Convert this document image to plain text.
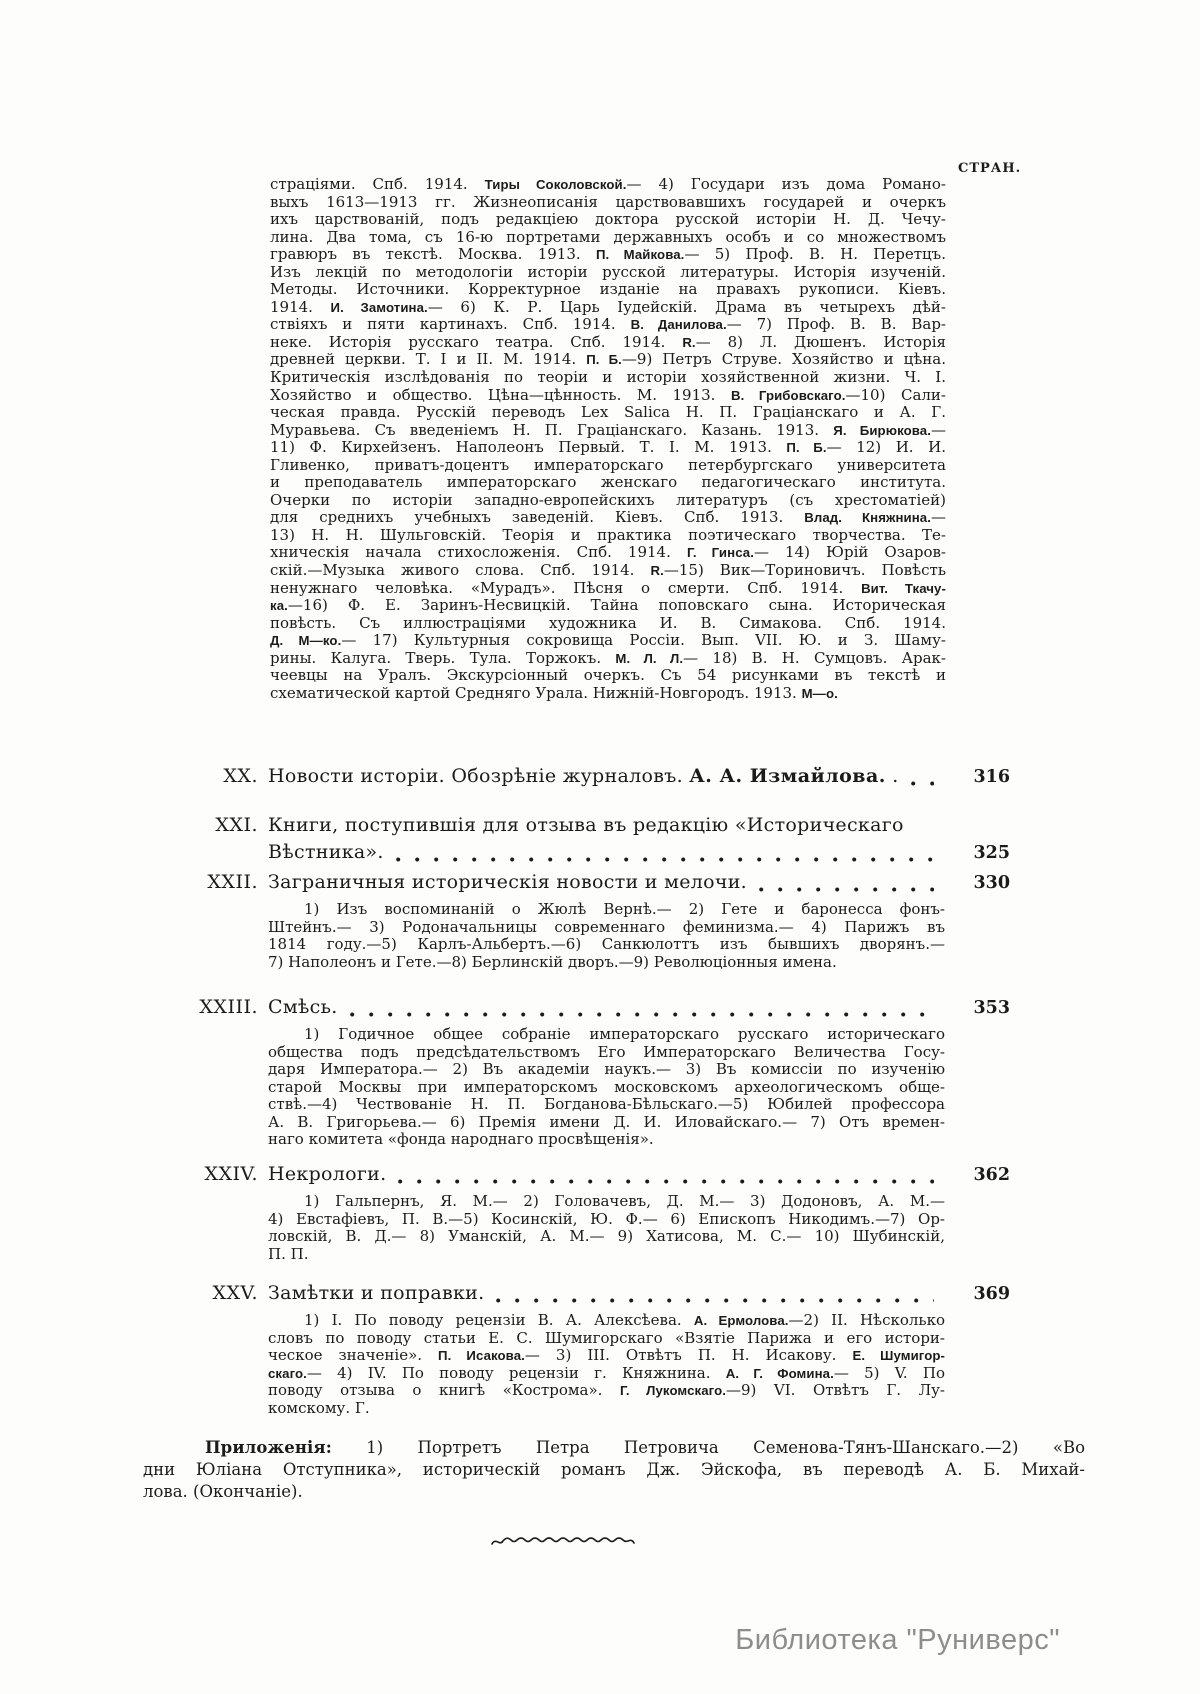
СТРАН.
страціями. Спб. 1914. Тиры Соколовской.— 4) Государи изъ дома Романо-
выхъ 1613—1913 гг. Жизнеописанія царствовавшихъ государей и очеркъ
ихъ царствованій, подъ редакціею доктора русской исторіи Н. Д. Чечу-
лина. Два тома, съ 16-ю портретами державныхъ особъ и со множествомъ
гравюръ въ текстѣ. Москва. 1913. П. Майкова.— 5) Проф. В. Н. Перетцъ.
Изъ лекцій по методологіи исторіи русской литературы. Исторія изученій.
Методы. Источники. Корректурное изданіе на правахъ рукописи. Кіевъ.
1914. И. Замотина.— 6) К. Р. Царь Іудейскій. Драма въ четырехъ дѣй-
ствіяхъ и пяти картинахъ. Спб. 1914. В. Данилова.— 7) Проф. В. В. Вар-
неке. Исторія русскаго театра. Спб. 1914. R.— 8) Л. Дюшенъ. Исторія
древней церкви. Т. I и II. М. 1914. П. Б.—9) Петръ Струве. Хозяйство и цѣна.
Критическія изслѣдованія по теоріи и исторіи хозяйственной жизни. Ч. I.
Хозяйство и общество. Цѣна—цѣнность. М. 1913. В. Грибовскаго.—10) Сали-
ческая правда. Русскій переводъ Lex Salica Н. П. Граціанскаго и А. Г.
Муравьева. Съ введеніемъ Н. П. Граціанскаго. Казань. 1913. Я. Бирюкова.—
11) Ф. Кирхейзенъ. Наполеонъ Первый. Т. I. М. 1913. П. Б.— 12) И. И.
Гливенко, приватъ-доцентъ императорскаго петербургскаго университета
и преподаватель императорскаго женскаго педагогическаго института.
Очерки по исторіи западно-европейскихъ литературъ (съ хрестоматіей)
для среднихъ учебныхъ заведеній. Кіевъ. Спб. 1913. Влад. Княжнина.—
13) Н. Н. Шульговскій. Теорія и практика поэтическаго творчества. Те-
хническія начала стихосложенія. Спб. 1914. Г. Гинса.— 14) Юрій Озаров-
скій.—Музыка живого слова. Спб. 1914. R.—15) Вик—Ториновичъ. Повѣсть
ненужнаго человѣка. «Мурадъ». Пѣсня о смерти. Спб. 1914. Вит. Ткачу-
ка.—16) Ф. Е. Заринъ-Несвицкій. Тайна поповскаго сына. Историческая
повѣсть. Съ иллюстраціями художника И. В. Симакова. Спб. 1914.
Д. М—ко.— 17) Культурныя сокровища Россіи. Вып. VII. Ю. и З. Шаму-
рины. Калуга. Тверь. Тула. Торжокъ. М. Л. Л.— 18) В. Н. Сумцовъ. Арак-
чеевцы на Уралъ. Экскурсіонный очеркъ. Съ 54 рисунками въ текстѣ и
схематической картой Средняго Урала. Нижній-Новгородъ. 1913. М—о.
XX. Новости исторіи. Обозрѣніе журналовъ. А. А. Измайлова. .	316
XXI. Книги, поступившія для отзыва въ редакцію «Историческаго
Вѣстника».	325
XXII. Заграничныя историческія новости и мелочи.	330
1) Изъ воспоминаній о Жюлѣ Вернѣ.— 2) Гете и баронесса фонъ-
Штейнъ.— 3) Родоначальницы современнаго феминизма.— 4) Парижъ въ
1814 году.—5) Карлъ-Альбертъ.—6) Санкюлоттъ изъ бывшихъ дворянъ.—
7) Наполеонъ и Гете.—8) Берлинскій дворъ.—9) Революціонныя имена.
XXIII. Смѣсь.	353
1) Годичное общее собраніе императорскаго русскаго историческаго
общества подъ предсѣдательствомъ Его Императорскаго Величества Госу-
даря Императора.— 2) Въ академіи наукъ.— 3) Въ комиссіи по изученію
старой Москвы при императорскомъ московскомъ археологическомъ обще-
ствѣ.—4) Чествованіе Н. П. Богданова-Бѣльскаго.—5) Юбилей профессора
А. В. Григорьева.— 6) Премія имени Д. И. Иловайскаго.— 7) Отъ времен-
наго комитета «фонда народнаго просвѣщенія».
XXIV. Некрологи.	362
1) Гальпернъ, Я. М.— 2) Головачевъ, Д. М.— 3) Додоновъ, А. М.—
4) Евстафіевъ, П. В.—5) Косинскій, Ю. Ф.— 6) Епископъ Никодимъ.—7) Ор-
ловскій, В. Д.— 8) Уманскій, А. М.— 9) Хатисова, М. С.— 10) Шубинскій,
П. П.
XXV. Замѣтки и поправки.	369
1) I. По поводу рецензіи В. А. Алексѣева. А. Ермолова.—2) II. Нѣсколько
словъ по поводу статьи Е. С. Шумигорскаго «Взятіе Парижа и его истори-
ческое значеніе». П. Исакова.— 3) III. Отвѣтъ П. Н. Исакову. Е. Шумигор-
скаго.— 4) IV. По поводу рецензіи г. Княжнина. А. Г. Фомина.— 5) V. По
поводу отзыва о книгѣ «Кострома». Г. Лукомскаго.—9) VI. Отвѣтъ Г. Лу-
комскому. Г.
Приложенія: 1) Портретъ Петра Петровича Семенова-Тянъ-Шанскаго.—2) «Во
дни Юліана Отступника», историческій романъ Дж. Эйскофа, въ переводѣ А. Б. Михай-
лова. (Окончаніе).
Библиотека "Руниверс"
